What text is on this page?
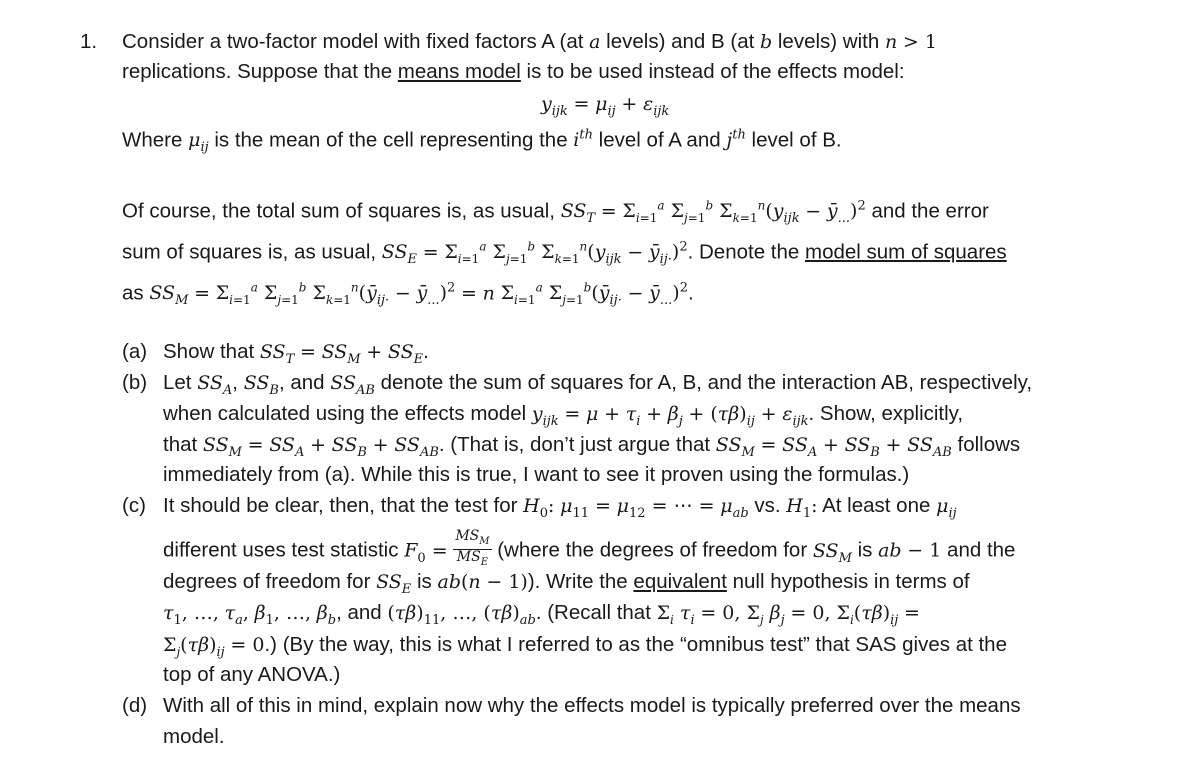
1. Consider a two-factor model with fixed factors A (at a levels) and B (at b levels) with n > 1
replications. Suppose that the means model is to be used instead of the effects model:
$y_{ijk} = \mu_{ij} + \varepsilon_{ijk}$
Where $\mu_{ij}$ is the mean of the cell representing the $i^{th}$ level of A and $j^{th}$ level of B.
Of course, the total sum of squares is, as usual, $SS_T = \Sigma_{i=1}^a$ $\Sigma_{j=1}^b$ $\Sigma_{k=1}^n(y_{ijk}$ − $ȳ_{...})^2$ and the error
sum of squares is, as usual, $SS_E = \Sigma_{i=1}^a$ $\Sigma_{j=1}^b$ $\Sigma_{k=1}^n(y_{ijk}$ − $ȳ_{ij\cdot})^2$. Denote the model sum of squares
as $SS_M = \Sigma_{i=1}^a$ $\Sigma_{j=1}^b$ $\Sigma_{k=1}^n(ȳ_{ij\cdot}$ − $ȳ_{...})^2 = n$ $\Sigma_{i=1}^a$ $\Sigma_{j=1}^b(ȳ_{ij\cdot}$ − $ȳ_{...})^2$.
(a) Show that $SS_T = SS_M + SS_E$.
(b) Let $SS_A$, $SS_B$, and $SS_{AB}$ denote the sum of squares for A, B, and the interaction AB, respectively,
when calculated using the effects model $y_{ijk} = \mu + \tau_i + \beta_j + (\tau\beta)_{ij} + \varepsilon_{ijk}$. Show, explicitly,
that $SS_M = SS_A + SS_B + SS_{AB}$. (That is, don’t just argue that $SS_M = SS_A + SS_B + SS_{AB}$ follows
immediately from (a). While this is true, I want to see it proven using the formulas.)
(c) It should be clear, then, that the test for $H_0$: $\mu_{11} = \mu_{12}$ = ⋯ = $\mu_{ab}$ vs. $H_1$: At least one $\mu_{ij}$
different uses test statistic $F_0 = \frac{MS_M}{MS_E}$ (where the degrees of freedom for $SS_M$ is ab − 1 and the
degrees of freedom for $SS_E$ is ab(n − 1)). Write the equivalent null hypothesis in terms of
$\tau_1$, …, $\tau_a$, $\beta_1$, …, $\beta_b$, and $(\tau\beta)_{11}$, …, $(\tau\beta)_{ab}$. (Recall that $\Sigma_i$ $\tau_i = 0$, $\Sigma_j$ $\beta_j = 0$, $\Sigma_i(\tau\beta)_{ij}$ =
$\Sigma_j(\tau\beta)_{ij} = 0$.) (By the way, this is what I referred to as the “omnibus test” that SAS gives at the
top of any ANOVA.)
(d) With all of this in mind, explain now why the effects model is typically preferred over the means
model.
